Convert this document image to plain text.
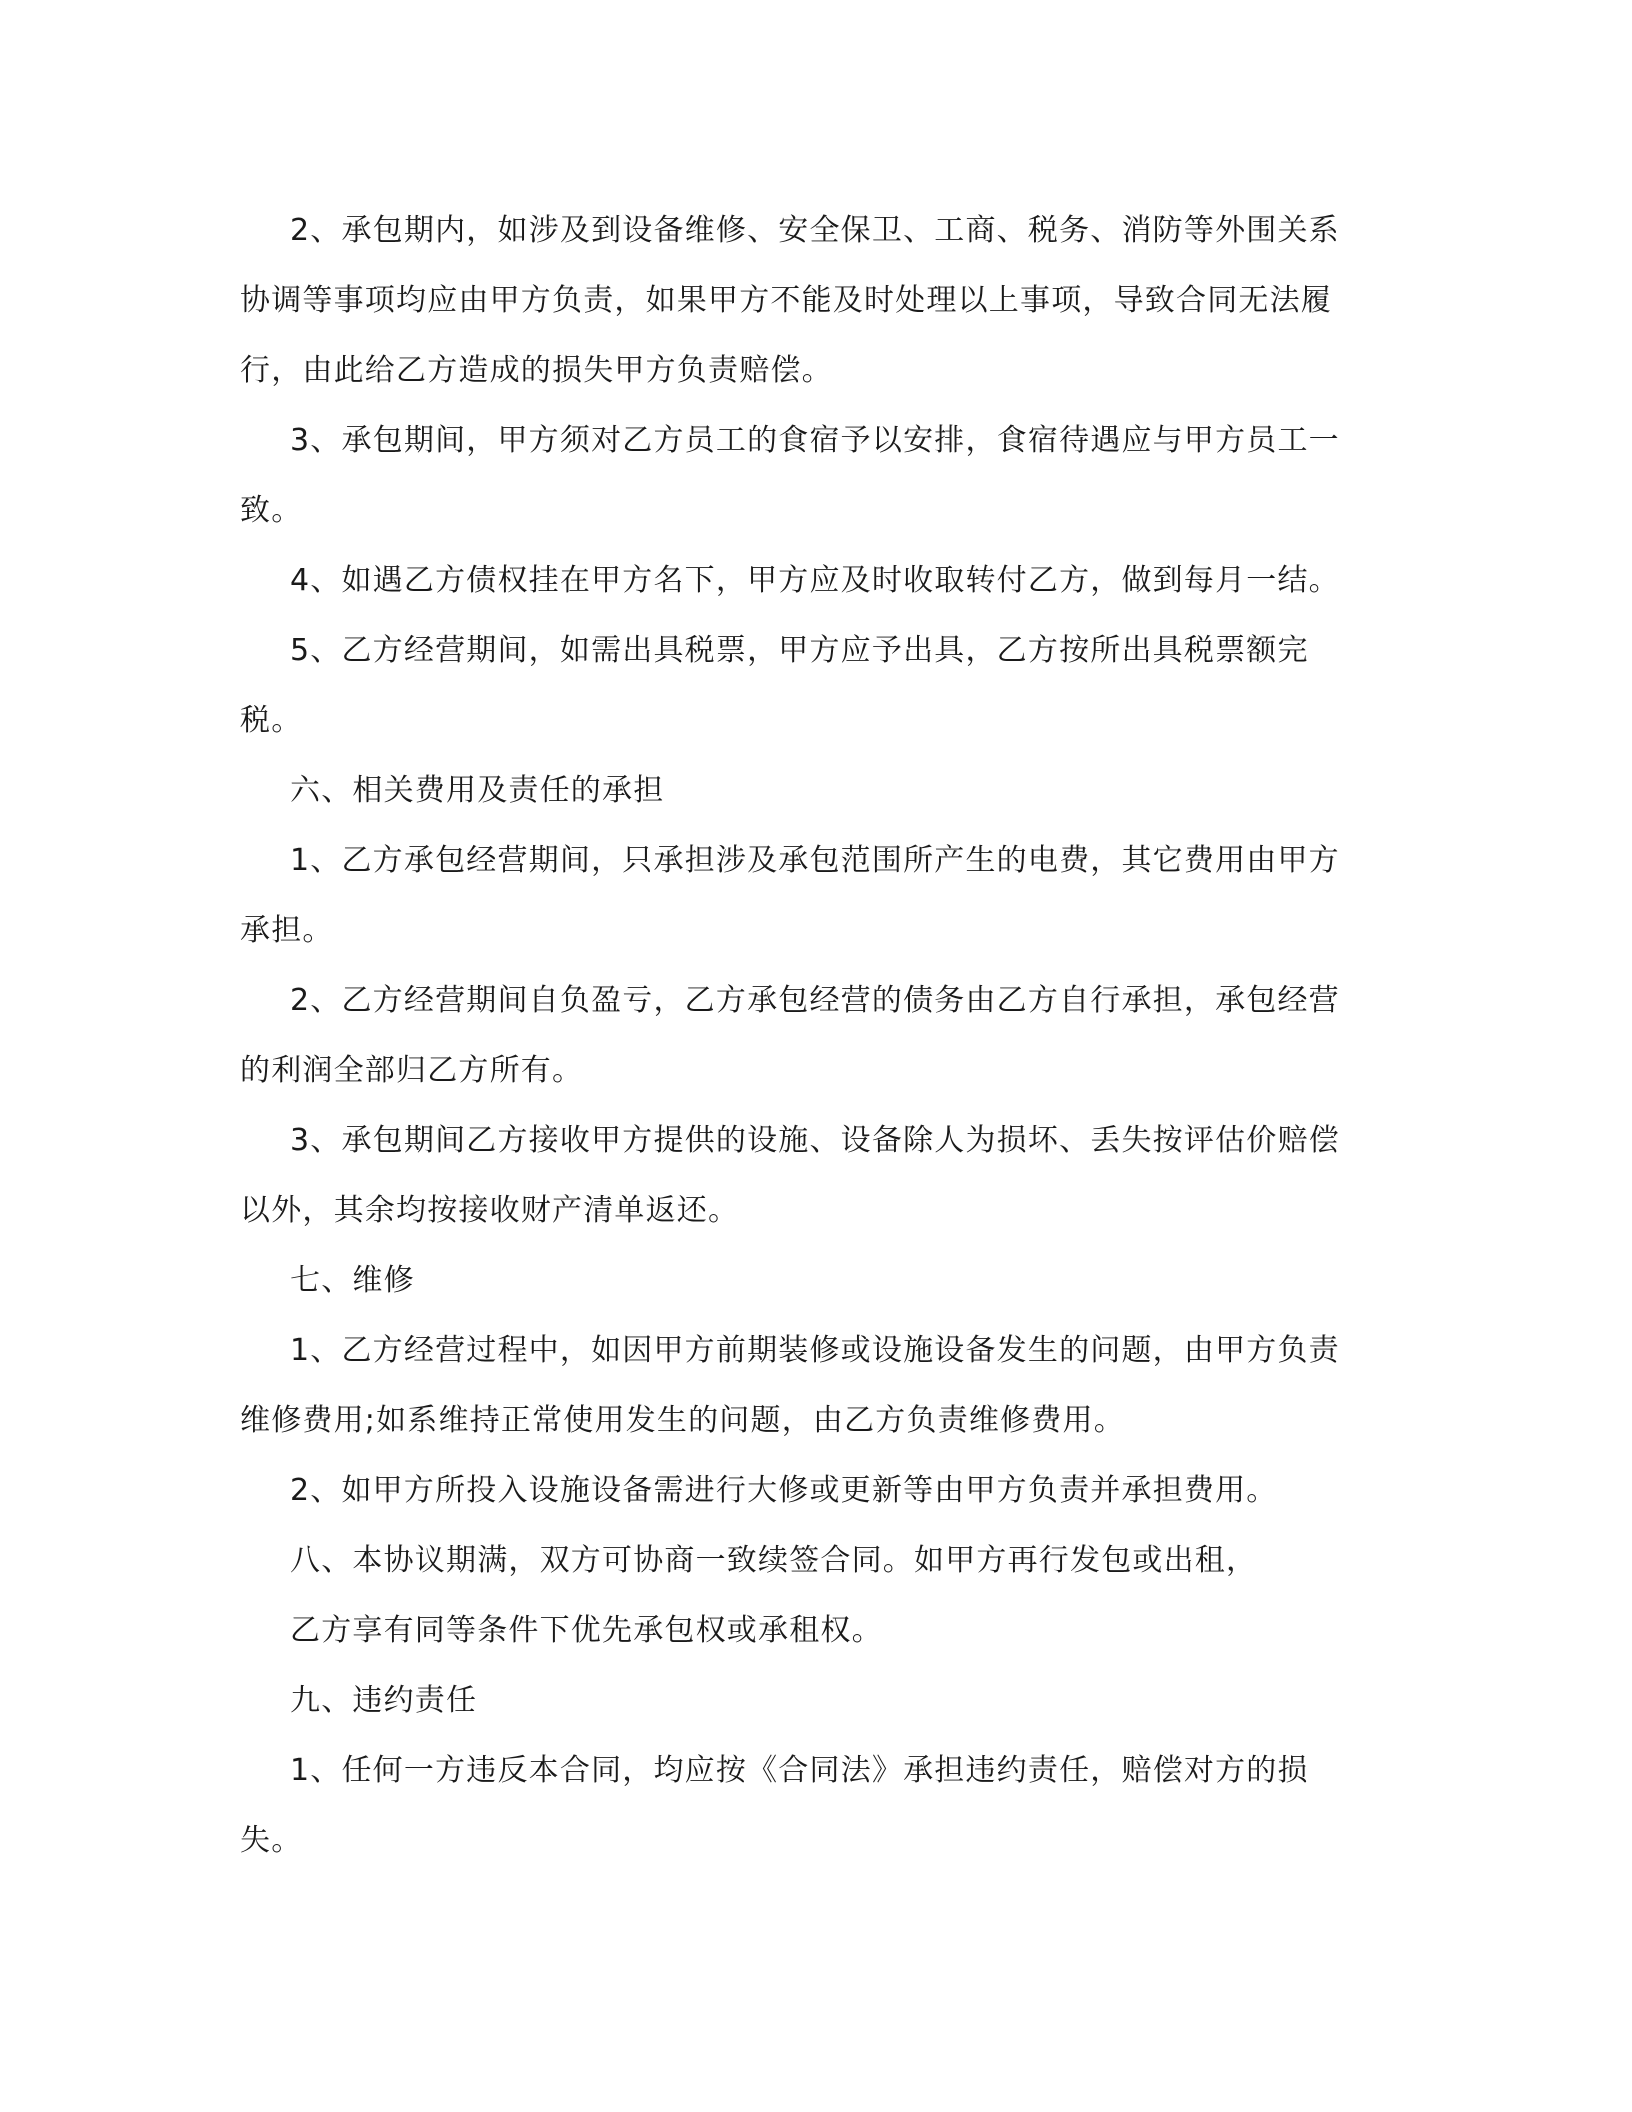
2、承包期内，如涉及到设备维修、安全保卫、工商、税务、消防等外围关系
协调等事项均应由甲方负责，如果甲方不能及时处理以上事项，导致合同无法履
行，由此给乙方造成的损失甲方负责赔偿。

3、承包期间，甲方须对乙方员工的食宿予以安排，食宿待遇应与甲方员工一
致。

4、如遇乙方债权挂在甲方名下，甲方应及时收取转付乙方，做到每月一结。

5、乙方经营期间，如需出具税票，甲方应予出具，乙方按所出具税票额完
税。

六、相关费用及责任的承担

1、乙方承包经营期间，只承担涉及承包范围所产生的电费，其它费用由甲方
承担。

2、乙方经营期间自负盈亏，乙方承包经营的债务由乙方自行承担，承包经营
的利润全部归乙方所有。

3、承包期间乙方接收甲方提供的设施、设备除人为损坏、丢失按评估价赔偿
以外，其余均按接收财产清单返还。

七、维修

1、乙方经营过程中，如因甲方前期装修或设施设备发生的问题，由甲方负责
维修费用;如系维持正常使用发生的问题，由乙方负责维修费用。

2、如甲方所投入设施设备需进行大修或更新等由甲方负责并承担费用。

八、本协议期满，双方可协商一致续签合同。如甲方再行发包或出租，

乙方享有同等条件下优先承包权或承租权。

九、违约责任

1、任何一方违反本合同，均应按《合同法》承担违约责任，赔偿对方的损
失。
